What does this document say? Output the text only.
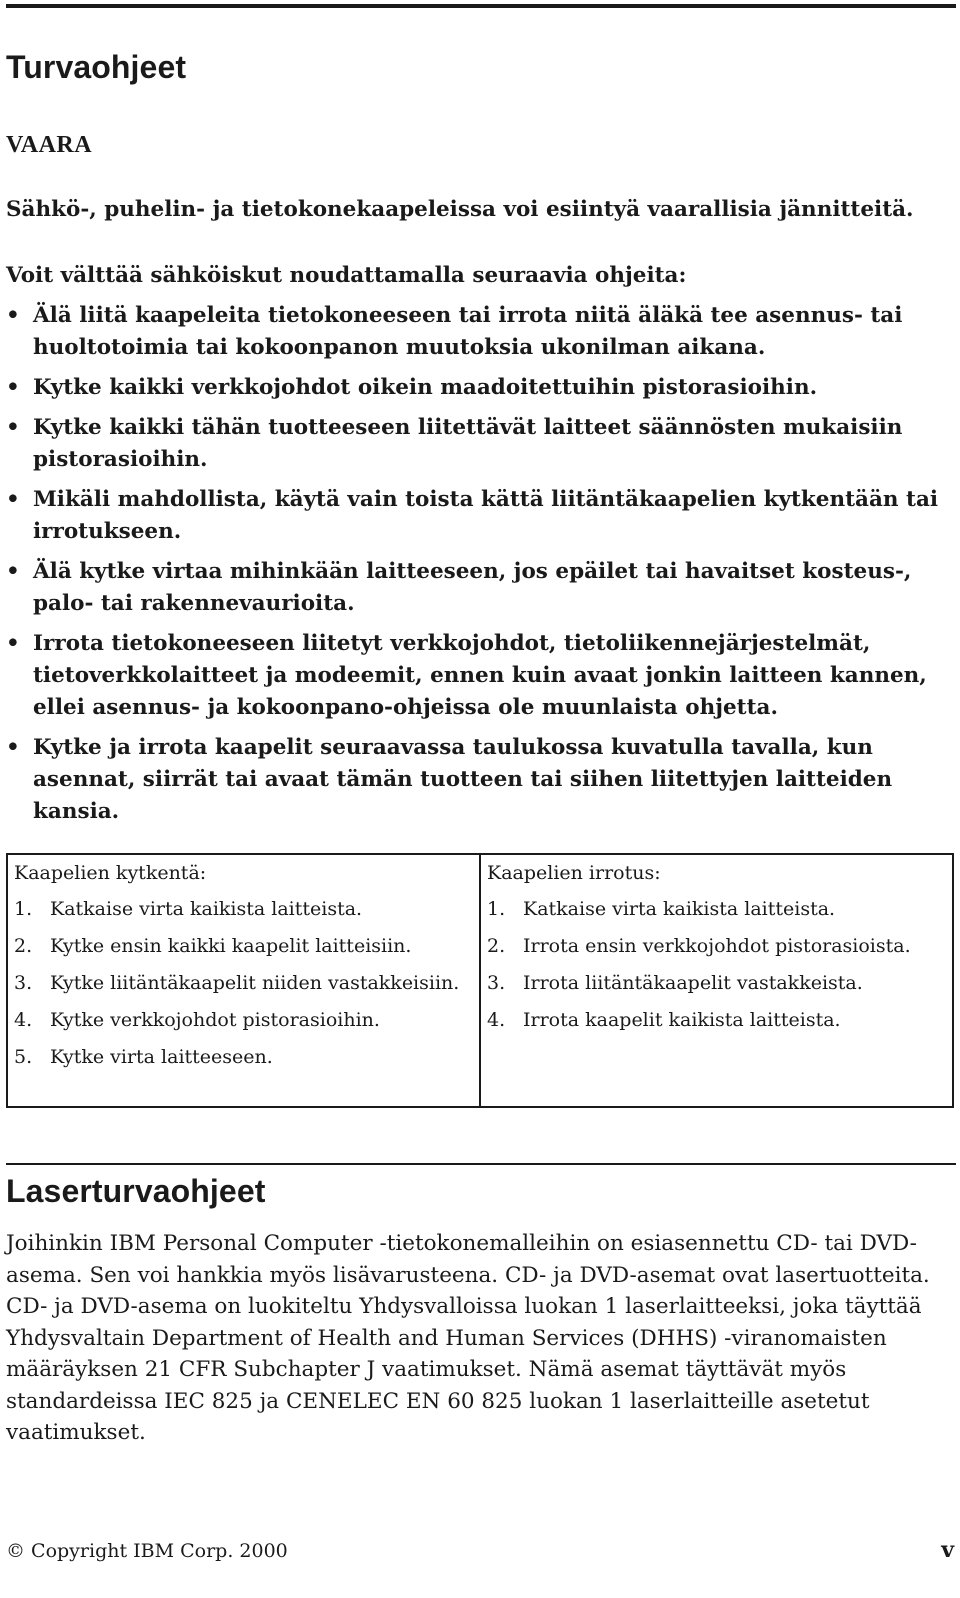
Turvaohjeet
VAARA

Sähkö-, puhelin- ja tietokonekaapeleissa voi esiintyä vaarallisia jännitteitä.

Voit välttää sähköiskut noudattamalla seuraavia ohjeita:

• Älä liitä kaapeleita tietokoneeseen tai irrota niitä äläkä tee asennus- tai huoltotoimia tai kokoonpanon muutoksia ukonilman aikana.
• Kytke kaikki verkkojohdot oikein maadoitettuihin pistorasioihin.
• Kytke kaikki tähän tuotteeseen liitettävät laitteet säännösten mukaisiin pistorasioihin.
• Mikäli mahdollista, käytä vain toista kättä liitäntäkaapelien kytkentään tai irrotukseen.
• Älä kytke virtaa mihinkään laitteeseen, jos epäilet tai havaitset kosteus-, palo- tai rakennevaurioita.
• Irrota tietokoneeseen liitetyt verkkojohdot, tietoliikennejärjestelmät, tietoverkkolaitteet ja modeemit, ennen kuin avaat jonkin laitteen kannen, ellei asennus- ja kokoonpano-ohjeissa ole muunlaista ohjetta.
• Kytke ja irrota kaapelit seuraavassa taulukossa kuvatulla tavalla, kun asennat, siirrät tai avaat tämän tuotteen tai siihen liitettyjen laitteiden kansia.
Kaapelien kytkentä:
1. Katkaise virta kaikista laitteista.
2. Kytke ensin kaikki kaapelit laitteisiin.
3. Kytke liitäntäkaapelit niiden vastakkeisiin.
4. Kytke verkkojohdot pistorasioihin.
5. Kytke virta laitteeseen.
Kaapelien irrotus:
1. Katkaise virta kaikista laitteista.
2. Irrota ensin verkkojohdot pistorasioista.
3. Irrota liitäntäkaapelit vastakkeista.
4. Irrota kaapelit kaikista laitteista.
Laserturvaohjeet

Joihinkin IBM Personal Computer -tietokonemalleihin on esiasennettu CD- tai DVD-asema. Sen voi hankkia myös lisävarusteena. CD- ja DVD-asemat ovat lasertuotteita. CD- ja DVD-asema on luokiteltu Yhdysvalloissa luokan 1 laserlaitteeksi, joka täyttää Yhdysvaltain Department of Health and Human Services (DHHS) -viranomaisten määräyksen 21 CFR Subchapter J vaatimukset. Nämä asemat täyttävät myös standardeissa IEC 825 ja CENELEC EN 60 825 luokan 1 laserlaitteille asetetut vaatimukset.

© Copyright IBM Corp. 2000	v
